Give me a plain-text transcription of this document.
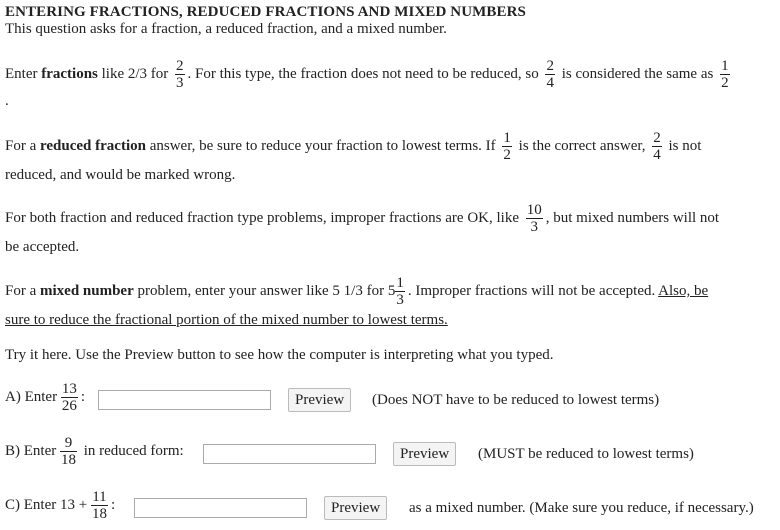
ENTERING FRACTIONS, REDUCED FRACTIONS AND MIXED NUMBERS
This question asks for a fraction, a reduced fraction, and a mixed number.
Enter fractions like 2/3 for $\frac{2}{3}$ . For this type, the fraction does not need to be reduced, so $\frac{2}{4}$ is considered the same as $\frac{1}{2}$
.
For a reduced fraction answer, be sure to reduce your fraction to lowest terms. If $\frac{1}{2}$ is the correct answer, $\frac{2}{4}$ is not
reduced, and would be marked wrong.
For both fraction and reduced fraction type problems, improper fractions are OK, like $\frac{10}{3}$ , but mixed numbers will not
be accepted.
For a mixed number problem, enter your answer like 5 1/3 for $5 \frac{1}{3}$ . Improper fractions will not be accepted. Also, be
sure to reduce the fractional portion of the mixed number to lowest terms.
Try it here. Use the Preview button to see how the computer is interpreting what you typed.
A) Enter $\frac{13}{26}$ :	Preview	(Does NOT have to be reduced to lowest terms)
B) Enter $\frac{9}{18}$ in reduced form:	Preview	(MUST be reduced to lowest terms)
C) Enter $13 + \frac{11}{18}$ :	Preview	as a mixed number. (Make sure you reduce, if necessary.)
